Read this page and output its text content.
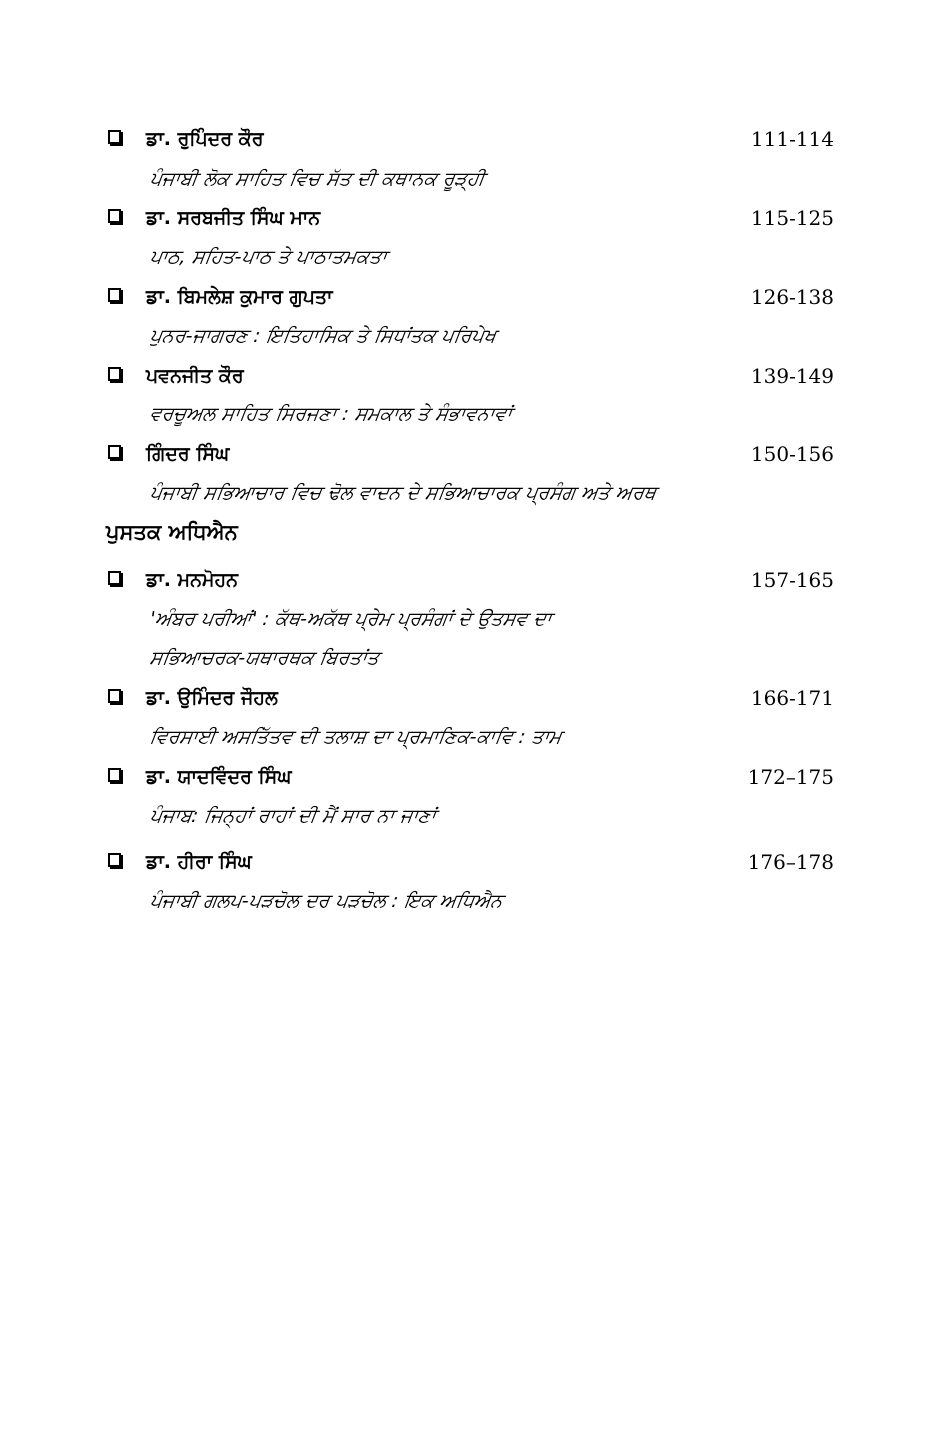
ਡਾ. ਰੁਪਿੰਦਰ ਕੌਰ	111-114
ਪੰਜਾਬੀ ਲੋਕ ਸਾਹਿਤ ਵਿਚ ਸੱਤ ਦੀ ਕਥਾਨਕ ਰੂੜ੍ਹੀ
ਡਾ. ਸਰਬਜੀਤ ਸਿੰਘ ਮਾਨ	115-125
ਪਾਠ, ਸਹਿਤ-ਪਾਠ ਤੇ ਪਾਠਾਤਮਕਤਾ
ਡਾ. ਬਿਮਲੇਸ਼ ਕੁਮਾਰ ਗੁਪਤਾ	126-138
ਪੁਨਰ-ਜਾਗਰਣ : ਇਤਿਹਾਸਿਕ ਤੇ ਸਿਧਾਂਤਕ ਪਰਿਪੇਖ
ਪਵਨਜੀਤ ਕੌਰ	139-149
ਵਰਚੂਅਲ ਸਾਹਿਤ ਸਿਰਜਣਾ : ਸਮਕਾਲ ਤੇ ਸੰਭਾਵਨਾਵਾਂ
ਗਿੰਦਰ ਸਿੰਘ	150-156
ਪੰਜਾਬੀ ਸਭਿਆਚਾਰ ਵਿਚ ਢੋਲ ਵਾਦਨ ਦੇ ਸਭਿਆਚਾਰਕ ਪ੍ਰਸੰਗ ਅਤੇ ਅਰਥ
ਪੁਸਤਕ ਅਧਿਐਨ
ਡਾ. ਮਨਮੋਹਨ	157-165
'ਅੰਬਰ ਪਰੀਆਂ' : ਕੱਥ-ਅਕੱਥ ਪ੍ਰੇਮ ਪ੍ਰਸੰਗਾਂ ਦੇ ਉਤਸਵ ਦਾ
ਸਭਿਆਚਰਕ-ਯਥਾਰਥਕ ਬਿਰਤਾਂਤ
ਡਾ. ਉਮਿੰਦਰ ਜੌਹਲ	166-171
ਵਿਰਸਾਈ ਅਸਤਿੱਤਵ ਦੀ ਤਲਾਸ਼ ਦਾ ਪ੍ਰਮਾਣਿਕ-ਕਾਵਿ : ਤਾਮ
ਡਾ. ਯਾਦਵਿੰਦਰ ਸਿੰਘ	172–175
ਪੰਜਾਬ: ਜਿਨ੍ਹਾਂ ਰਾਹਾਂ ਦੀ ਮੈਂ ਸਾਰ ਨਾ ਜਾਣਾਂ
ਡਾ. ਹੀਰਾ ਸਿੰਘ	176–178
ਪੰਜਾਬੀ ਗਲਪ-ਪੜਚੋਲ ਦਰ ਪੜਚੋਲ : ਇਕ ਅਧਿਐਨ
